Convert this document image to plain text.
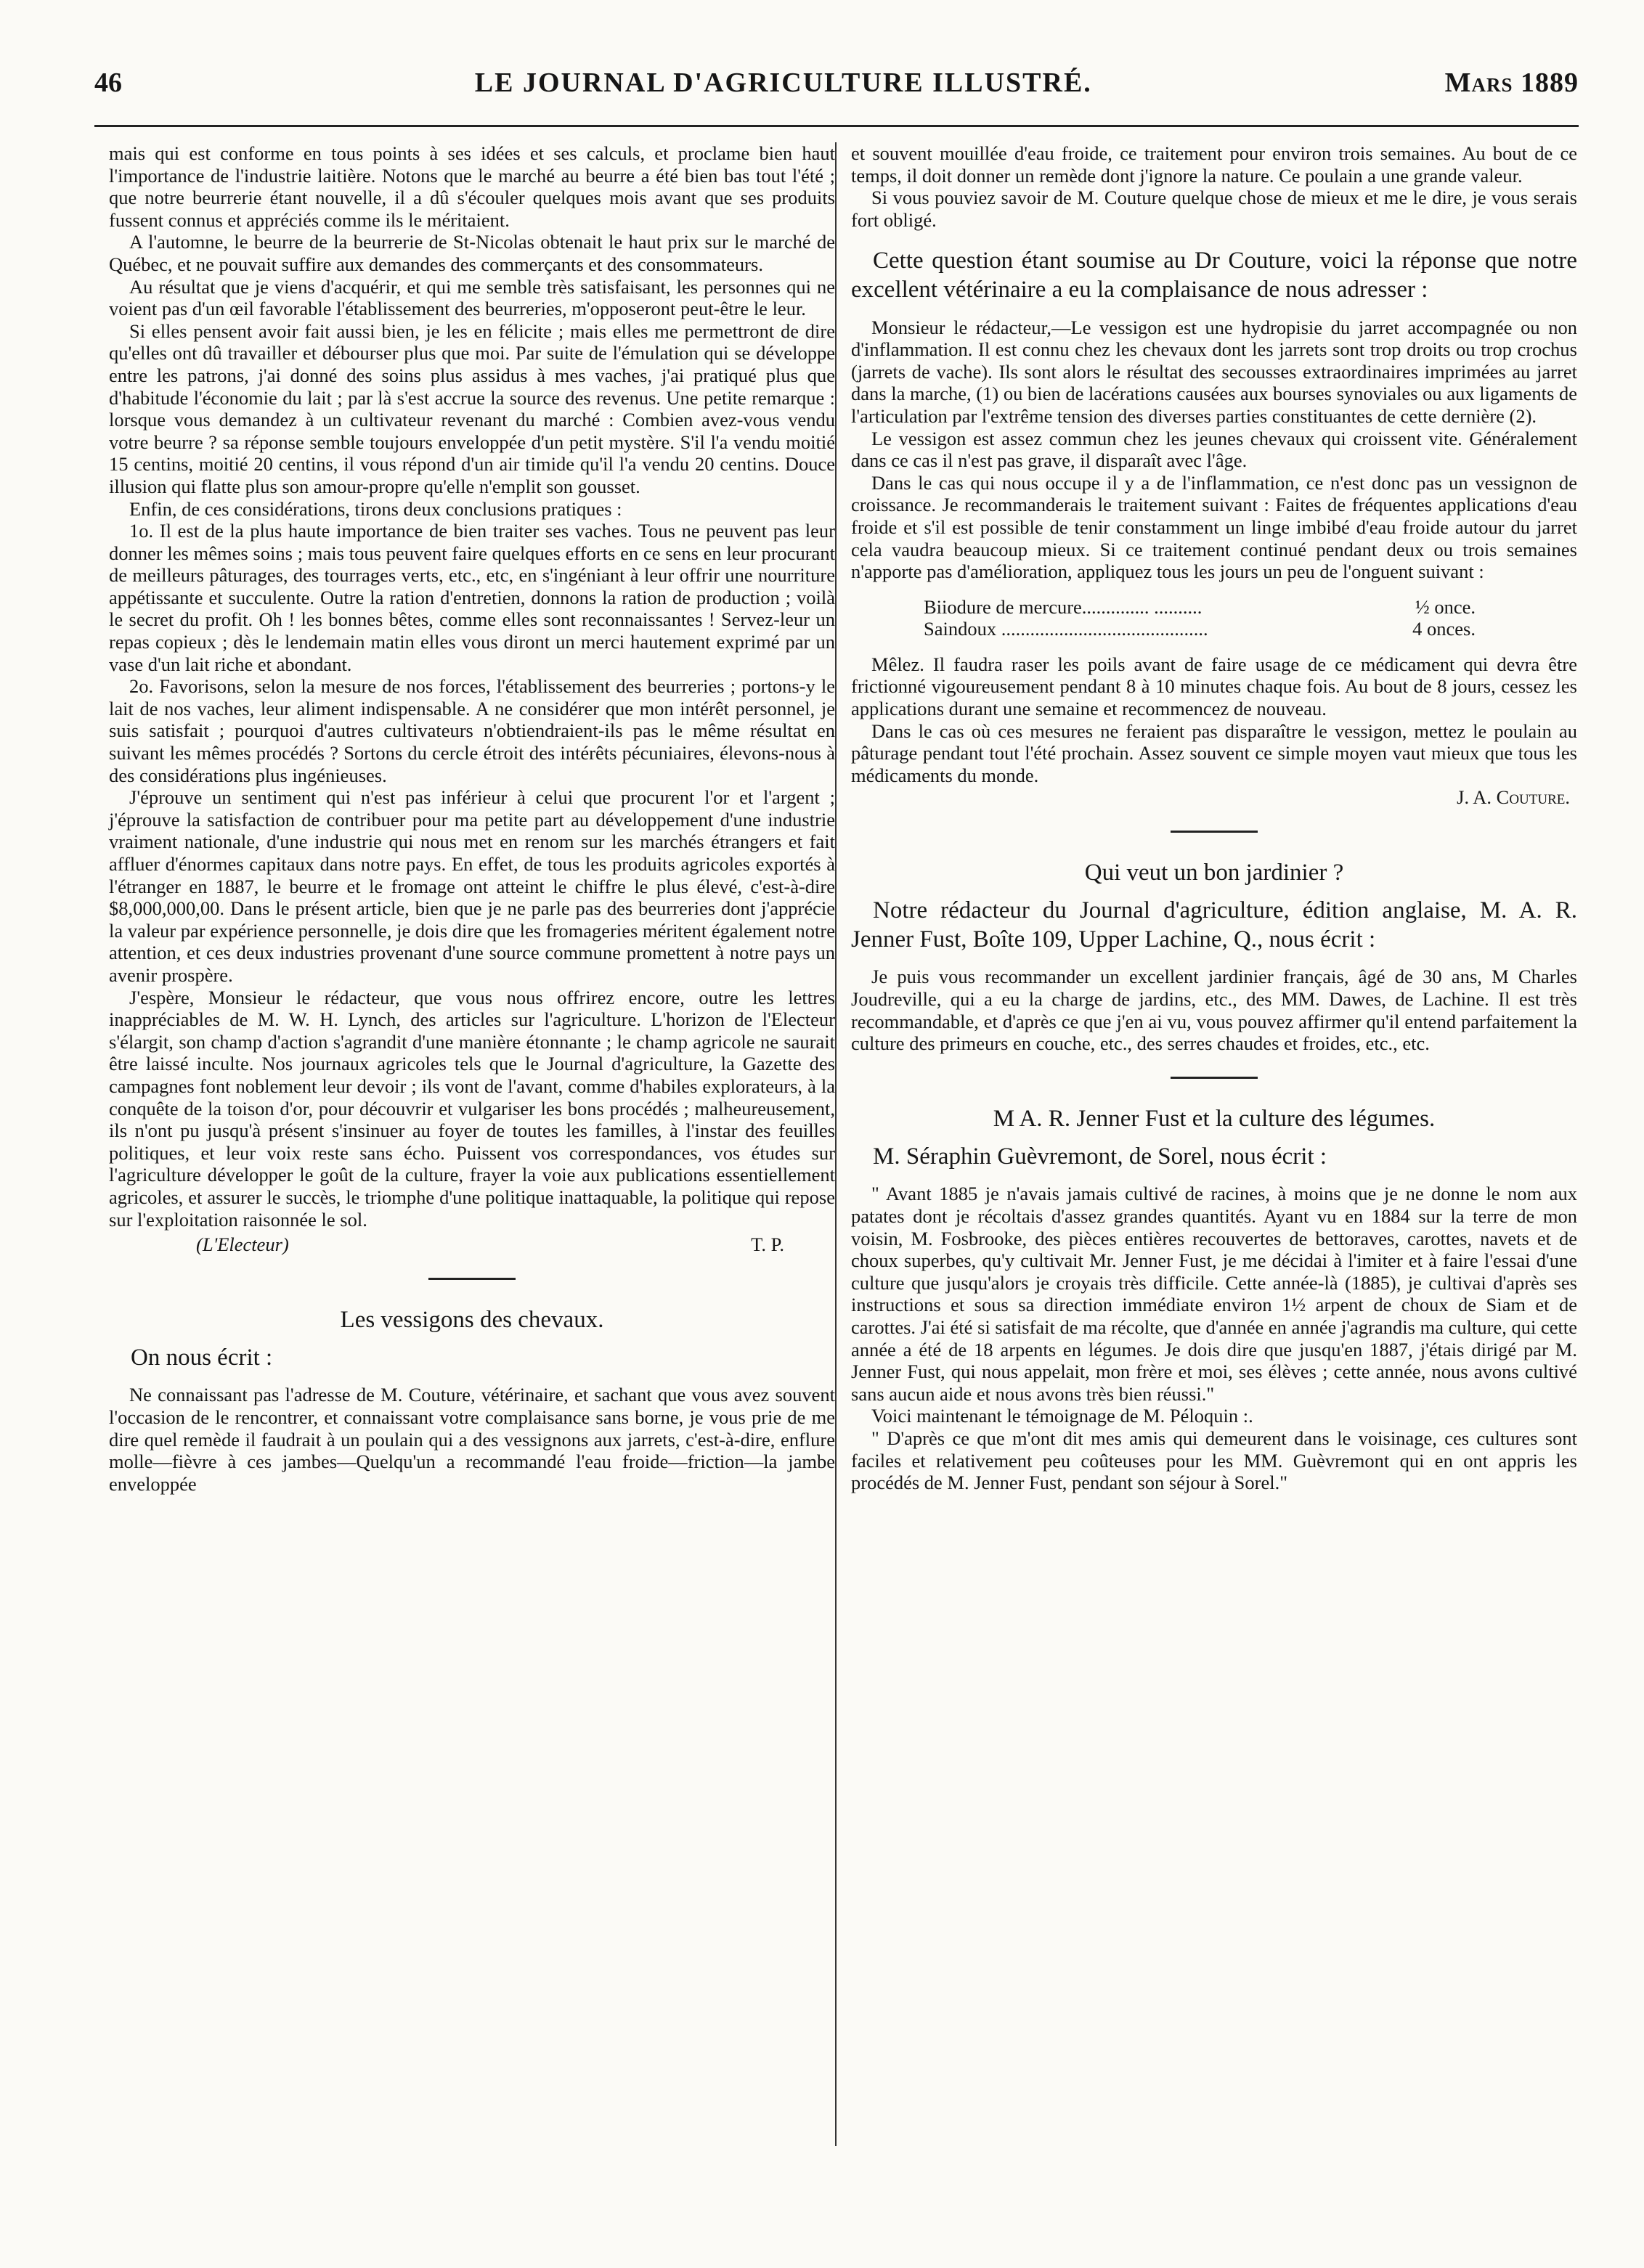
46	LE JOURNAL D'AGRICULTURE ILLUSTRÉ.	Mars 1889

mais qui est conforme en tous points à ses idées et ses calculs, et proclame bien haut l'importance de l'industrie laitière. Notons que le marché au beurre a été bien bas tout l'été ; que notre beurrerie étant nouvelle, il a dû s'écouler quelques mois avant que ses produits fussent connus et appréciés comme ils le méritaient.

A l'automne, le beurre de la beurrerie de St-Nicolas obtenait le haut prix sur le marché de Québec, et ne pouvait suffire aux demandes des commerçants et des consommateurs.

Au résultat que je viens d'acquérir, et qui me semble très satisfaisant, les personnes qui ne voient pas d'un œil favorable l'établissement des beurreries, m'opposeront peut-être le leur.

Si elles pensent avoir fait aussi bien, je les en félicite ; mais elles me permettront de dire qu'elles ont dû travailler et débourser plus que moi. Par suite de l'émulation qui se développe entre les patrons, j'ai donné des soins plus assidus à mes vaches, j'ai pratiqué plus que d'habitude l'économie du lait ; par là s'est accrue la source des revenus. Une petite remarque : lorsque vous demandez à un cultivateur revenant du marché : Combien avez-vous vendu votre beurre ? sa réponse semble toujours enveloppée d'un petit mystère. S'il l'a vendu moitié 15 centins, moitié 20 centins, il vous répond d'un air timide qu'il l'a vendu 20 centins. Douce illusion qui flatte plus son amour-propre qu'elle n'emplit son gousset.

Enfin, de ces considérations, tirons deux conclusions pratiques :

1o. Il est de la plus haute importance de bien traiter ses vaches. Tous ne peuvent pas leur donner les mêmes soins ; mais tous peuvent faire quelques efforts en ce sens en leur procurant de meilleurs pâturages, des tourrages verts, etc., etc, en s'ingéniant à leur offrir une nourriture appétissante et succulente. Outre la ration d'entretien, donnons la ration de production ; voilà le secret du profit. Oh ! les bonnes bêtes, comme elles sont reconnaissantes ! Servez-leur un repas copieux ; dès le lendemain matin elles vous diront un merci hautement exprimé par un vase d'un lait riche et abondant.

2o. Favorisons, selon la mesure de nos forces, l'établissement des beurreries ; portons-y le lait de nos vaches, leur aliment indispensable. A ne considérer que mon intérêt personnel, je suis satisfait ; pourquoi d'autres cultivateurs n'obtiendraient-ils pas le même résultat en suivant les mêmes procédés ? Sortons du cercle étroit des intérêts pécuniaires, élevons-nous à des considérations plus ingénieuses.

J'éprouve un sentiment qui n'est pas inférieur à celui que procurent l'or et l'argent ; j'éprouve la satisfaction de contribuer pour ma petite part au développement d'une industrie vraiment nationale, d'une industrie qui nous met en renom sur les marchés étrangers et fait affluer d'énormes capitaux dans notre pays. En effet, de tous les produits agricoles exportés à l'étranger en 1887, le beurre et le fromage ont atteint le chiffre le plus élevé, c'est-à-dire $8,000,000,00. Dans le présent article, bien que je ne parle pas des beurreries dont j'apprécie la valeur par expérience personnelle, je dois dire que les fromageries méritent également notre attention, et ces deux industries provenant d'une source commune promettent à notre pays un avenir prospère.

J'espère, Monsieur le rédacteur, que vous nous offrirez encore, outre les lettres inappréciables de M. W. H. Lynch, des articles sur l'agriculture. L'horizon de l'Electeur s'élargit, son champ d'action s'agrandit d'une manière étonnante ; le champ agricole ne saurait être laissé inculte. Nos journaux agricoles tels que le Journal d'agriculture, la Gazette des campagnes font noblement leur devoir ; ils vont de l'avant, comme d'habiles explorateurs, à la conquête de la toison d'or, pour découvrir et vulgariser les bons procédés ; malheureusement, ils n'ont pu jusqu'à présent s'insinuer au foyer de toutes les familles, à l'instar des feuilles politiques, et leur voix reste sans écho. Puissent vos correspondances, vos études sur l'agriculture développer le goût de la culture, frayer la voie aux publications essentiellement agricoles, et assurer le succès, le triomphe d'une politique inattaquable, la politique qui repose sur l'exploitation raisonnée le sol.

(L'Electeur)	T. P.
Les vessigons des chevaux.

On nous écrit :

Ne connaissant pas l'adresse de M. Couture, vétérinaire, et sachant que vous avez souvent l'occasion de le rencontrer, et connaissant votre complaisance sans borne, je vous prie de me dire quel remède il faudrait à un poulain qui a des vessignons aux jarrets, c'est-à-dire, enflure molle—fièvre à ces jambes—Quelqu'un a recommandé l'eau froide—friction—la jambe enveloppée

et souvent mouillée d'eau froide, ce traitement pour environ trois semaines. Au bout de ce temps, il doit donner un remède dont j'ignore la nature. Ce poulain a une grande valeur.

Si vous pouviez savoir de M. Couture quelque chose de mieux et me le dire, je vous serais fort obligé.

Cette question étant soumise au Dr Couture, voici la réponse que notre excellent vétérinaire a eu la complaisance de nous adresser :

Monsieur le rédacteur,—Le vessigon est une hydropisie du jarret accompagnée ou non d'inflammation. Il est connu chez les chevaux dont les jarrets sont trop droits ou trop crochus (jarrets de vache). Ils sont alors le résultat des secousses extraordinaires imprimées au jarret dans la marche, (1) ou bien de lacérations causées aux bourses synoviales ou aux ligaments de l'articulation par l'extrême tension des diverses parties constituantes de cette dernière (2).

Le vessigon est assez commun chez les jeunes chevaux qui croissent vite. Généralement dans ce cas il n'est pas grave, il disparaît avec l'âge.

Dans le cas qui nous occupe il y a de l'inflammation, ce n'est donc pas un vessignon de croissance. Je recommanderais le traitement suivant : Faites de fréquentes applications d'eau froide et s'il est possible de tenir constamment un linge imbibé d'eau froide autour du jarret cela vaudra beaucoup mieux. Si ce traitement continué pendant deux ou trois semaines n'apporte pas d'amélioration, appliquez tous les jours un peu de l'onguent suivant :

Biiodure de mercure.............. ..........	½ once.
Saindoux ...........................................	4 onces.

Mêlez. Il faudra raser les poils avant de faire usage de ce médicament qui devra être frictionné vigoureusement pendant 8 à 10 minutes chaque fois. Au bout de 8 jours, cessez les applications durant une semaine et recommencez de nouveau.

Dans le cas où ces mesures ne feraient pas disparaître le vessigon, mettez le poulain au pâturage pendant tout l'été prochain. Assez souvent ce simple moyen vaut mieux que tous les médicaments du monde.

J. A. Couture.
Qui veut un bon jardinier ?

Notre rédacteur du Journal d'agriculture, édition anglaise, M. A. R. Jenner Fust, Boîte 109, Upper Lachine, Q., nous écrit :

Je puis vous recommander un excellent jardinier français, âgé de 30 ans, M Charles Joudreville, qui a eu la charge de jardins, etc., des MM. Dawes, de Lachine. Il est très recommandable, et d'après ce que j'en ai vu, vous pouvez affirmer qu'il entend parfaitement la culture des primeurs en couche, etc., des serres chaudes et froides, etc., etc.

M A. R. Jenner Fust et la culture des légumes.

M. Séraphin Guèvremont, de Sorel, nous écrit :

" Avant 1885 je n'avais jamais cultivé de racines, à moins que je ne donne le nom aux patates dont je récoltais d'assez grandes quantités. Ayant vu en 1884 sur la terre de mon voisin, M. Fosbrooke, des pièces entières recouvertes de bettoraves, carottes, navets et de choux superbes, qu'y cultivait Mr. Jenner Fust, je me décidai à l'imiter et à faire l'essai d'une culture que jusqu'alors je croyais très difficile. Cette année-là (1885), je cultivai d'après ses instructions et sous sa direction immédiate environ 1½ arpent de choux de Siam et de carottes. J'ai été si satisfait de ma récolte, que d'année en année j'agrandis ma culture, qui cette année a été de 18 arpents en légumes. Je dois dire que jusqu'en 1887, j'étais dirigé par M. Jenner Fust, qui nous appelait, mon frère et moi, ses élèves ; cette année, nous avons cultivé sans aucun aide et nous avons très bien réussi."

Voici maintenant le témoignage de M. Péloquin :.

" D'après ce que m'ont dit mes amis qui demeurent dans le voisinage, ces cultures sont faciles et relativement peu coûteuses pour les MM. Guèvremont qui en ont appris les procédés de M. Jenner Fust, pendant son séjour à Sorel."
